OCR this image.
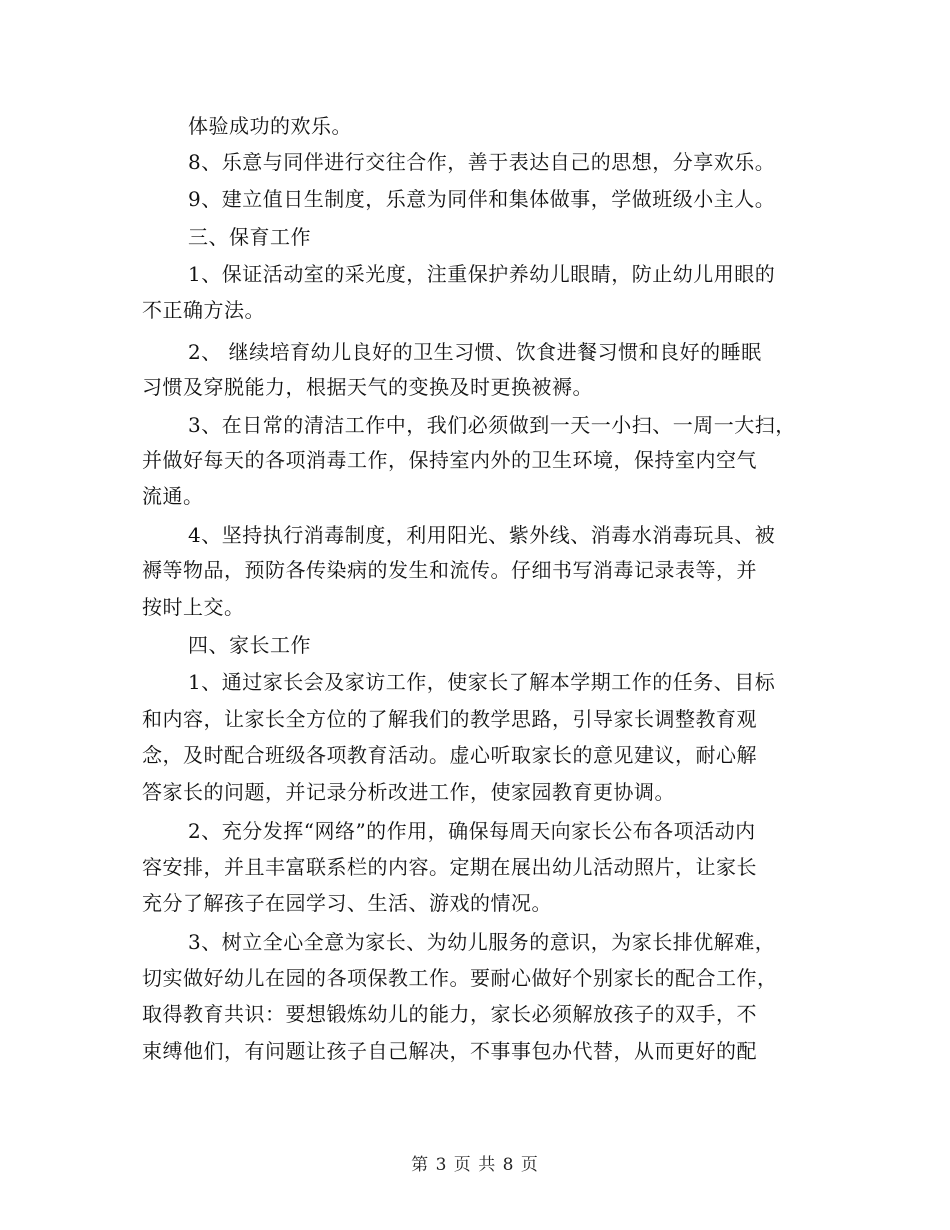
体验成功的欢乐。
8、乐意与同伴进行交往合作，善于表达自己的思想，分享欢乐。
9、建立值日生制度，乐意为同伴和集体做事，学做班级小主人。
三、保育工作
1、保证活动室的采光度，注重保护养幼儿眼睛，防止幼儿用眼的
不正确方法。
2、 继续培育幼儿良好的卫生习惯、饮食进餐习惯和良好的睡眠
习惯及穿脱能力，根据天气的变换及时更换被褥。
3、在日常的清洁工作中，我们必须做到一天一小扫、一周一大扫，
并做好每天的各项消毒工作，保持室内外的卫生环境，保持室内空气
流通。
4、坚持执行消毒制度，利用阳光、紫外线、消毒水消毒玩具、被
褥等物品，预防各传染病的发生和流传。仔细书写消毒记录表等，并
按时上交。
四、家长工作
1、通过家长会及家访工作，使家长了解本学期工作的任务、目标
和内容，让家长全方位的了解我们的教学思路，引导家长调整教育观
念，及时配合班级各项教育活动。虚心听取家长的意见建议，耐心解
答家长的问题，并记录分析改进工作，使家园教育更协调。
2、充分发挥“网络”的作用，确保每周天向家长公布各项活动内
容安排，并且丰富联系栏的内容。定期在展出幼儿活动照片，让家长
充分了解孩子在园学习、生活、游戏的情况。
3、树立全心全意为家长、为幼儿服务的意识，为家长排优解难，
切实做好幼儿在园的各项保教工作。要耐心做好个别家长的配合工作，
取得教育共识：要想锻炼幼儿的能力，家长必须解放孩子的双手，不
束缚他们，有问题让孩子自己解决，不事事包办代替，从而更好的配
第 3 页 共 8 页
